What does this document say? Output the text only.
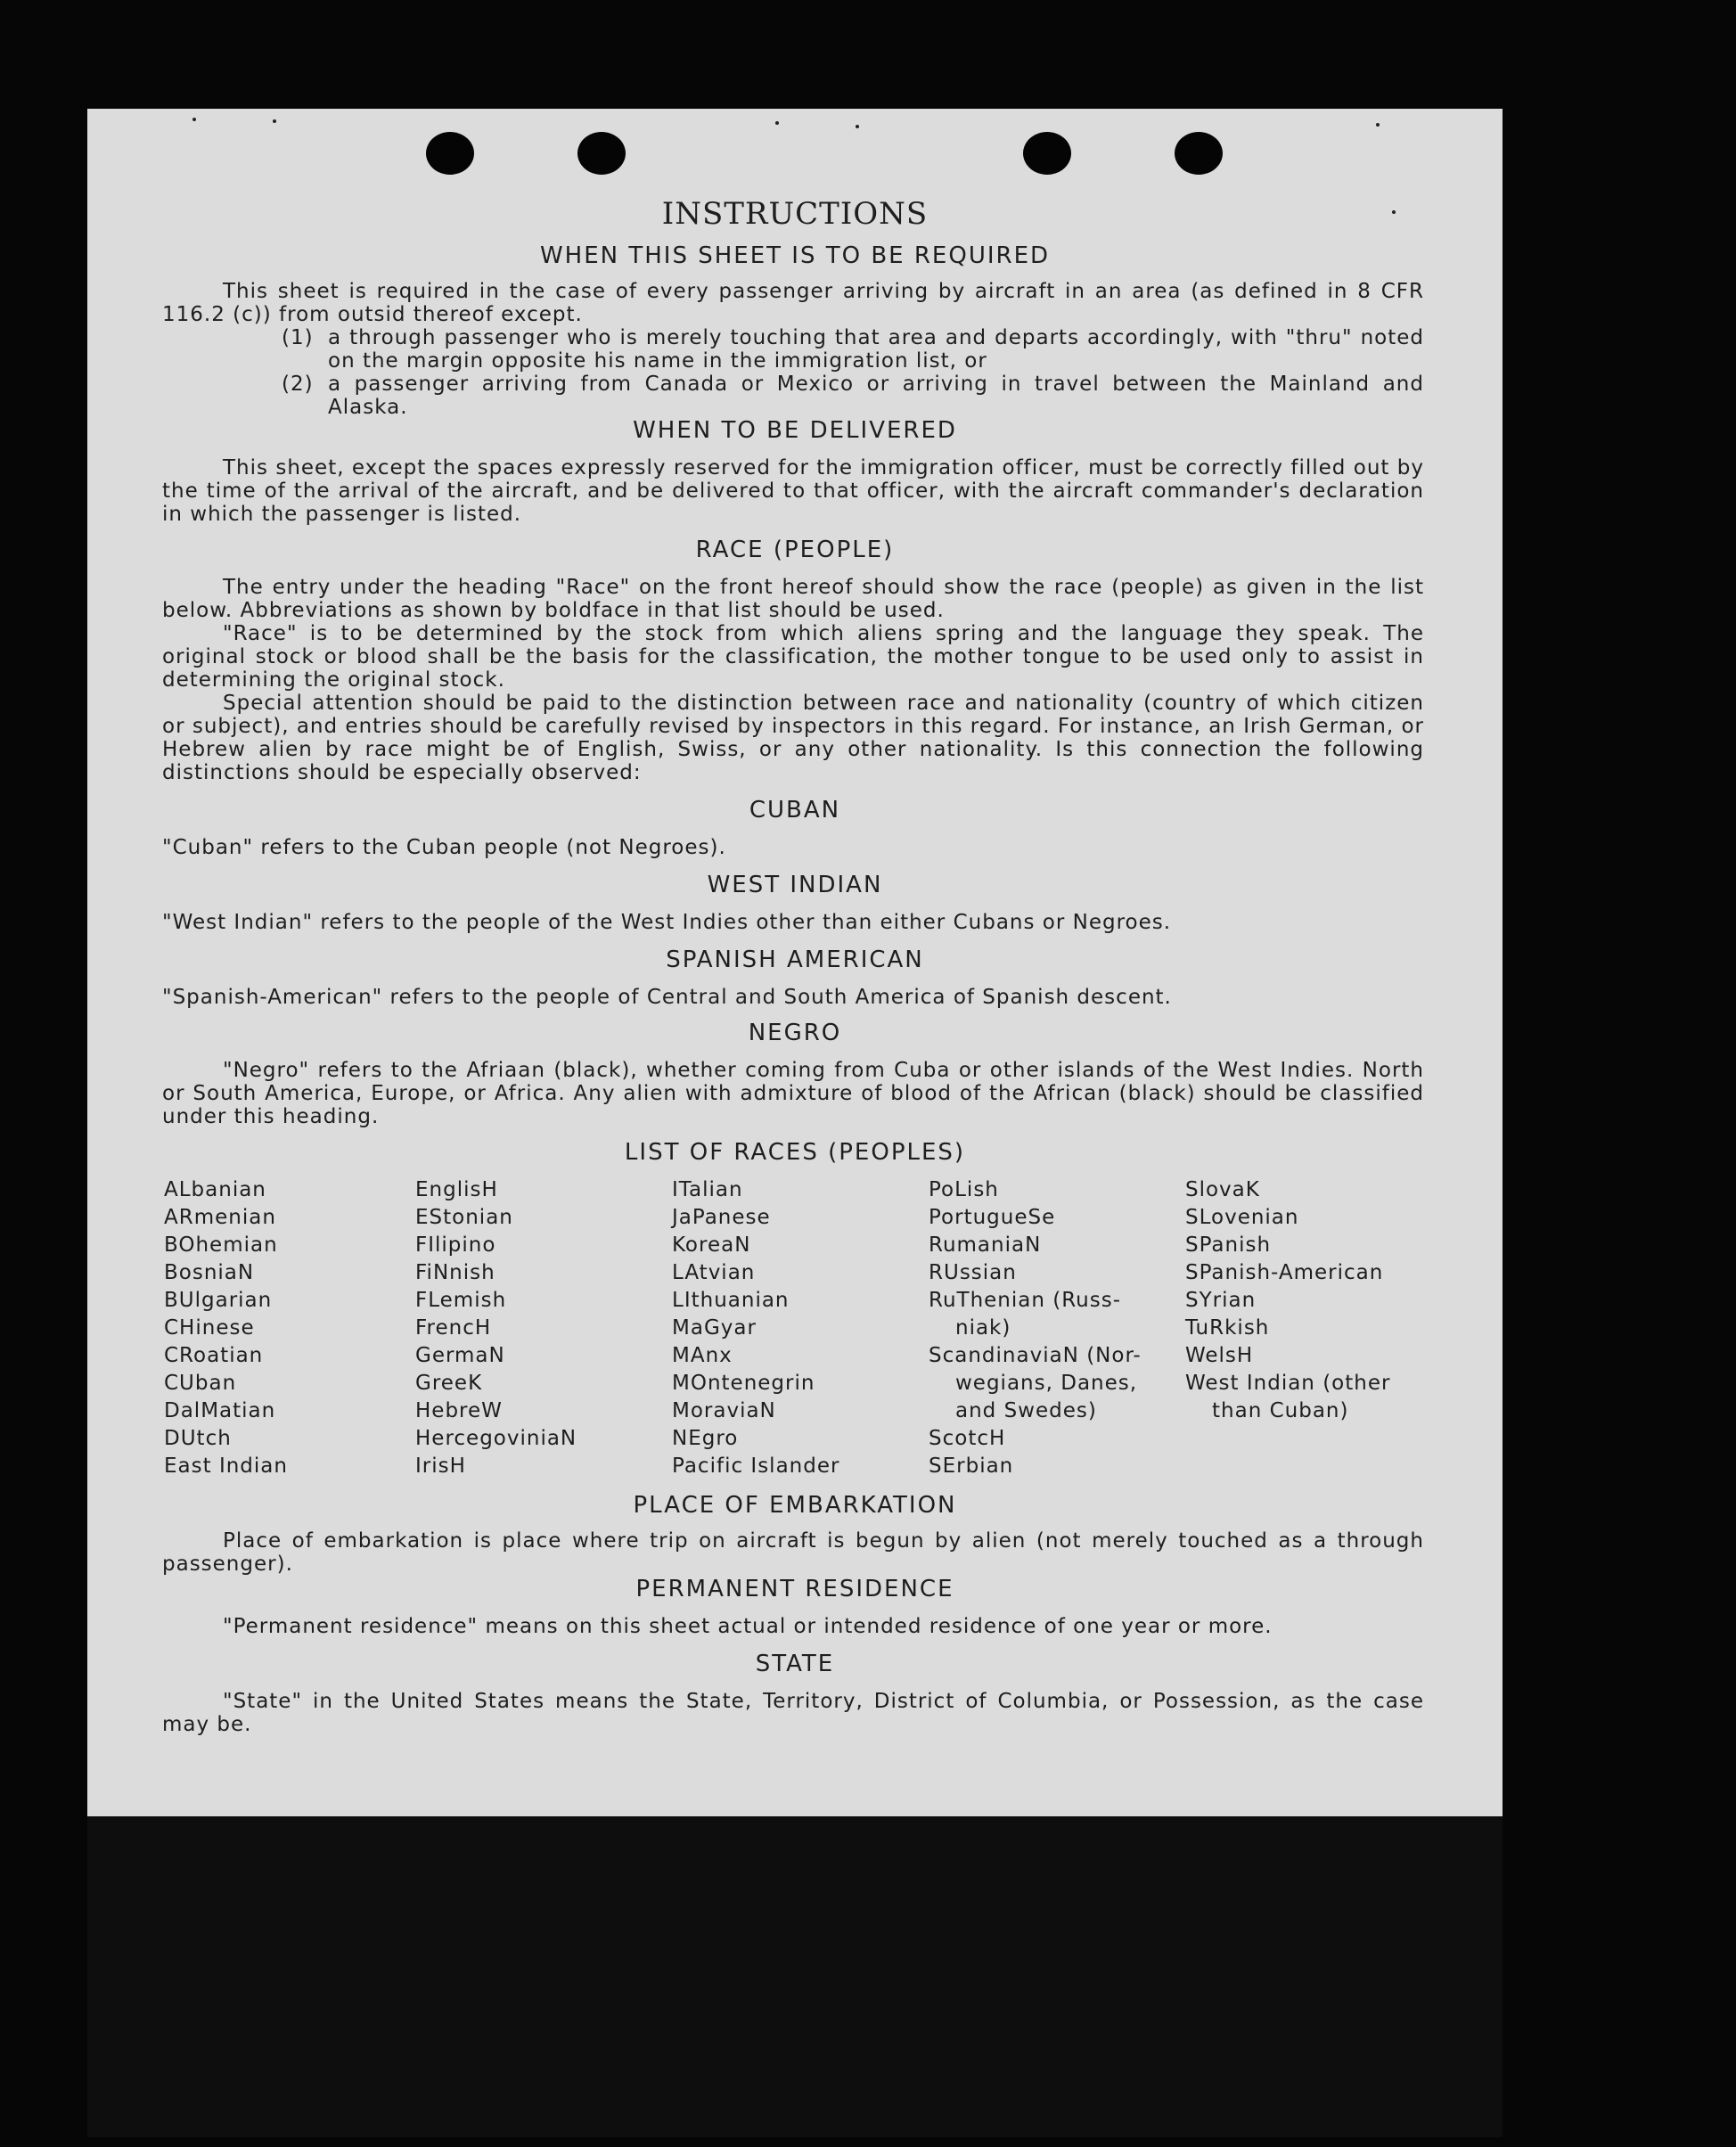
INSTRUCTIONS
WHEN THIS SHEET IS TO BE REQUIRED

This sheet is required in the case of every passenger arriving by aircraft in an area (as defined in 8 CFR 116.2 (c)) from outsid thereof except.

(1) a through passenger who is merely touching that area and departs accordingly, with "thru" noted on the margin opposite his name in the immigration list, or
(2) a passenger arriving from Canada or Mexico or arriving in travel between the Mainland and Alaska.
WHEN TO BE DELIVERED

This sheet, except the spaces expressly reserved for the immigration officer, must be correctly filled out by the time of the arrival of the aircraft, and be delivered to that officer, with the aircraft commander's declaration in which the passenger is listed.

RACE (PEOPLE)

The entry under the heading "Race" on the front hereof should show the race (people) as given in the list below. Abbreviations as shown by boldface in that list should be used.

"Race" is to be determined by the stock from which aliens spring and the language they speak. The original stock or blood shall be the basis for the classification, the mother tongue to be used only to assist in determining the original stock.

Special attention should be paid to the distinction between race and nationality (country of which citizen or subject), and entries should be carefully revised by inspectors in this regard. For instance, an Irish German, or Hebrew alien by race might be of English, Swiss, or any other nationality. Is this connection the following distinctions should be especially observed:

CUBAN
"Cuban" refers to the Cuban people (not Negroes).
WEST INDIAN
"West Indian" refers to the people of the West Indies other than either Cubans or Negroes.
SPANISH AMERICAN
"Spanish-American" refers to the people of Central and South America of Spanish descent.
NEGRO

"Negro" refers to the Afriaan (black), whether coming from Cuba or other islands of the West Indies. North or South America, Europe, or Africa. Any alien with admixture of blood of the African (black) should be classified under this heading.

LIST OF RACES (PEOPLES)
ALbanian
ARmenian
BOhemian
BosniaN
BUlgarian
CHinese
CRoatian
CUban
DalMatian
DUtch
East Indian
EnglisH
EStonian
FIlipino
FiNnish
FLemish
FrencH
GermaN
GreeK
HebreW
HercegoviniaN
IrisH
ITalian
JaPanese
KoreaN
LAtvian
LIthuanian
MaGyar
MAnx
MOntenegrin
MoraviaN
NEgro
Pacific Islander
PoLish
PortugueSe
RumaniaN
RUssian
RuThenian (Russ-
niak)
ScandinaviaN (Nor-
wegians, Danes,
and Swedes)
ScotcH
SErbian
SlovaK
SLovenian
SPanish
SPanish-American
SYrian
TuRkish
WelsH
West Indian (other
than Cuban)
PLACE OF EMBARKATION

Place of embarkation is place where trip on aircraft is begun by alien (not merely touched as a through passenger).

PERMANENT RESIDENCE
"Permanent residence" means on this sheet actual or intended residence of one year or more.
STATE

"State" in the United States means the State, Territory, District of Columbia, or Possession, as the case may be.
